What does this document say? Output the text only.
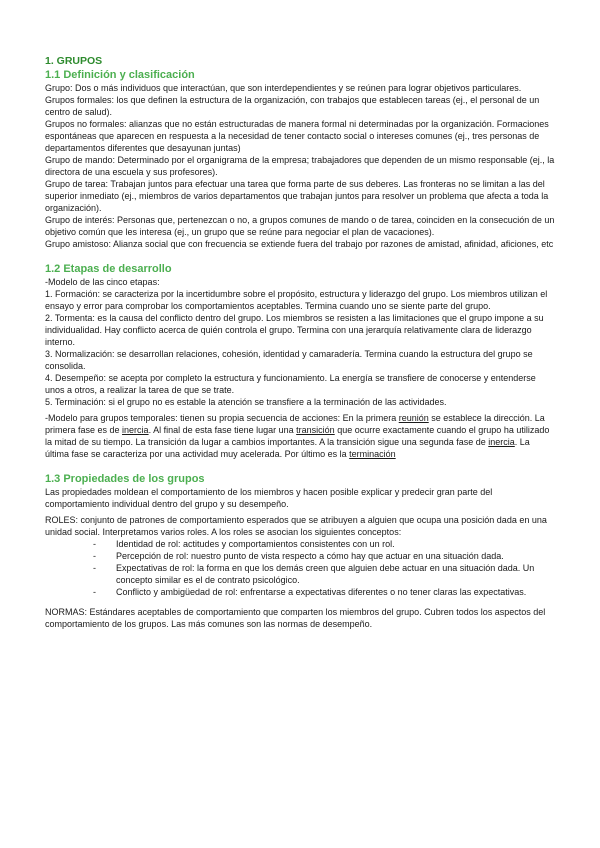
1. GRUPOS
1.1 Definición y clasificación

Grupo: Dos o más individuos que interactúan, que son interdependientes y se reúnen para lograr objetivos particulares.

Grupos formales: los que definen la estructura de la organización, con trabajos que establecen tareas (ej., el personal de un centro de salud).

Grupos no formales: alianzas que no están estructuradas de manera formal ni determinadas por la organización. Formaciones espontáneas que aparecen en respuesta a la necesidad de tener contacto social o intereses comunes (ej., tres personas de departamentos diferentes que desayunan juntas)

Grupo de mando: Determinado por el organigrama de la empresa; trabajadores que dependen de un mismo responsable (ej., la directora de una escuela y sus profesores).

Grupo de tarea: Trabajan juntos para efectuar una tarea que forma parte de sus deberes. Las fronteras no se limitan a las del superior inmediato (ej., miembros de varios departamentos que trabajan juntos para resolver un problema que afecta a toda la organización).

Grupo de interés: Personas que, pertenezcan o no, a grupos comunes de mando o de tarea, coinciden en la consecución de un objetivo común que les interesa (ej., un grupo que se reúne para negociar el plan de vacaciones).

Grupo amistoso: Alianza social que con frecuencia se extiende fuera del trabajo por razones de amistad, afinidad, aficiones, etc

1.2 Etapas de desarrollo

-Modelo de las cinco etapas:

1. Formación: se caracteriza por la incertidumbre sobre el propósito, estructura y liderazgo del grupo. Los miembros utilizan el ensayo y error para comprobar los comportamientos aceptables. Termina cuando uno se siente parte del grupo.

2. Tormenta: es la causa del conflicto dentro del grupo. Los miembros se resisten a las limitaciones que el grupo impone a su individualidad. Hay conflicto acerca de quién controla el grupo. Termina con una jerarquía relativamente clara de liderazgo interno.

3. Normalización: se desarrollan relaciones, cohesión, identidad y camaradería. Termina cuando la estructura del grupo se consolida.

4. Desempeño: se acepta por completo la estructura y funcionamiento. La energía se transfiere de conocerse y entenderse unos a otros, a realizar la tarea de que se trate.

5. Terminación: si el grupo no es estable la atención se transfiere a la terminación de las actividades.

-Modelo para grupos temporales: tienen su propia secuencia de acciones: En la primera reunión se establece la dirección. La primera fase es de inercia. Al final de esta fase tiene lugar una transición que ocurre exactamente cuando el grupo ha utilizado la mitad de su tiempo. La transición da lugar a cambios importantes. A la transición sigue una segunda fase de inercia. La última fase se caracteriza por una actividad muy acelerada. Por último es la terminación

1.3 Propiedades de los grupos

Las propiedades moldean el comportamiento de los miembros y hacen posible explicar y predecir gran parte del comportamiento individual dentro del grupo y su desempeño.

ROLES: conjunto de patrones de comportamiento esperados que se atribuyen a alguien que ocupa una posición dada en una unidad social. Interpretamos varios roles. A los roles se asocian los siguientes conceptos:

- Identidad de rol: actitudes y comportamientos consistentes con un rol.
- Percepción de rol: nuestro punto de vista respecto a cómo hay que actuar en una situación dada.
- Expectativas de rol: la forma en que los demás creen que alguien debe actuar en una situación dada. Un concepto similar es el de contrato psicológico.
- Conflicto y ambigüedad de rol: enfrentarse a expectativas diferentes o no tener claras las expectativas.

NORMAS: Estándares aceptables de comportamiento que comparten los miembros del grupo. Cubren todos los aspectos del comportamiento de los grupos. Las más comunes son las normas de desempeño.
